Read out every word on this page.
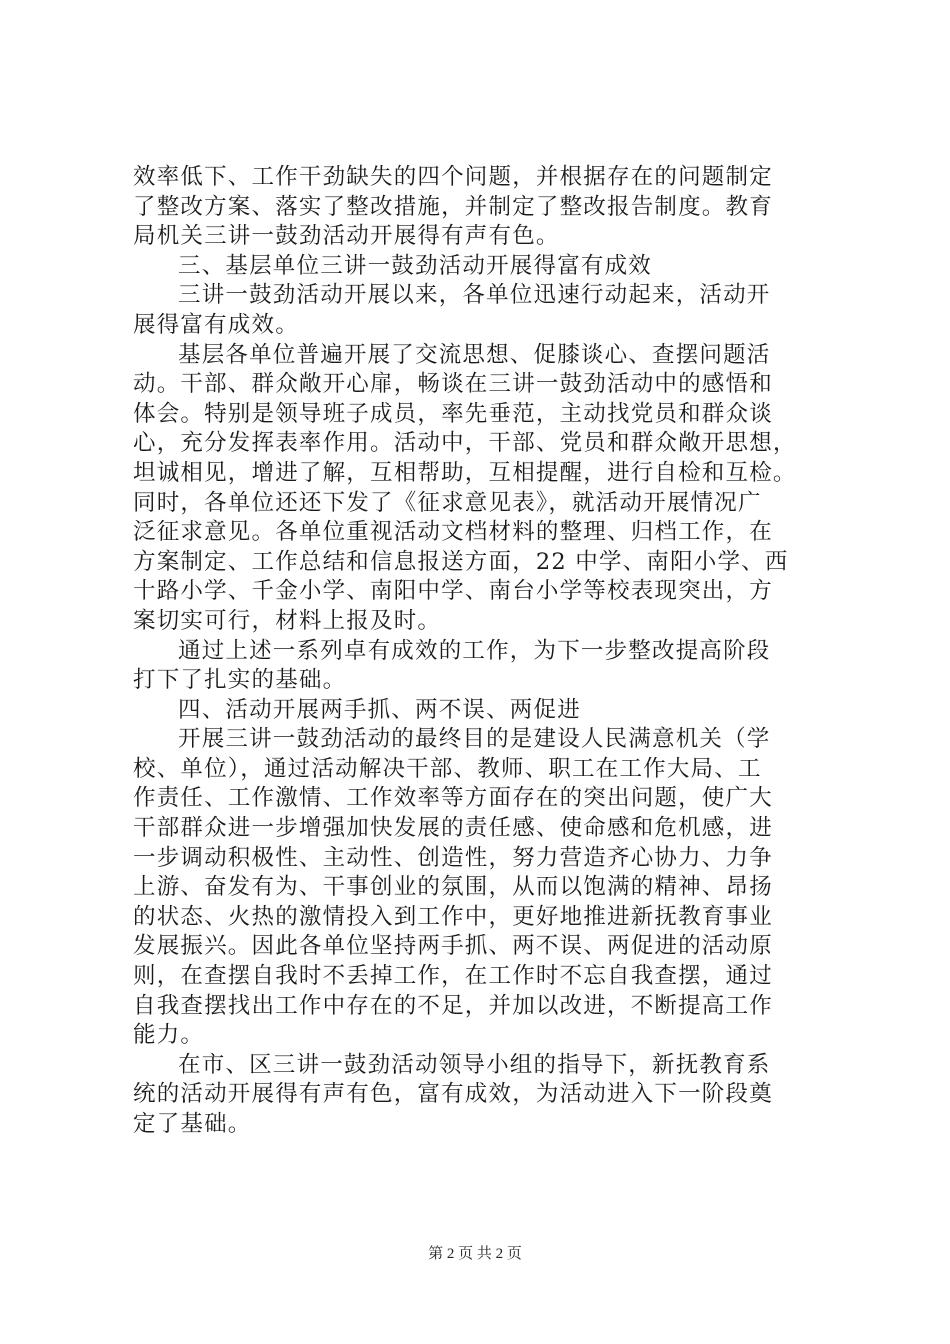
效率低下、工作干劲缺失的四个问题，并根据存在的问题制定
了整改方案、落实了整改措施，并制定了整改报告制度。教育
局机关三讲一鼓劲活动开展得有声有色。
三、基层单位三讲一鼓劲活动开展得富有成效
三讲一鼓劲活动开展以来，各单位迅速行动起来，活动开
展得富有成效。
基层各单位普遍开展了交流思想、促膝谈心、查摆问题活
动。干部、群众敞开心扉，畅谈在三讲一鼓劲活动中的感悟和
体会。特别是领导班子成员，率先垂范，主动找党员和群众谈
心，充分发挥表率作用。活动中，干部、党员和群众敞开思想，
坦诚相见，增进了解，互相帮助，互相提醒，进行自检和互检。
同时，各单位还还下发了《征求意见表》，就活动开展情况广
泛征求意见。各单位重视活动文档材料的整理、归档工作，在
方案制定、工作总结和信息报送方面，22 中学、南阳小学、西
十路小学、千金小学、南阳中学、南台小学等校表现突出，方
案切实可行，材料上报及时。
通过上述一系列卓有成效的工作，为下一步整改提高阶段
打下了扎实的基础。
四、活动开展两手抓、两不误、两促进
开展三讲一鼓劲活动的最终目的是建设人民满意机关（学
校、单位），通过活动解决干部、教师、职工在工作大局、工
作责任、工作激情、工作效率等方面存在的突出问题，使广大
干部群众进一步增强加快发展的责任感、使命感和危机感，进
一步调动积极性、主动性、创造性，努力营造齐心协力、力争
上游、奋发有为、干事创业的氛围，从而以饱满的精神、昂扬
的状态、火热的激情投入到工作中，更好地推进新抚教育事业
发展振兴。因此各单位坚持两手抓、两不误、两促进的活动原
则，在查摆自我时不丢掉工作，在工作时不忘自我查摆，通过
自我查摆找出工作中存在的不足，并加以改进，不断提高工作
能力。
在市、区三讲一鼓劲活动领导小组的指导下，新抚教育系
统的活动开展得有声有色，富有成效，为活动进入下一阶段奠
定了基础。
第 2 页 共 2 页
